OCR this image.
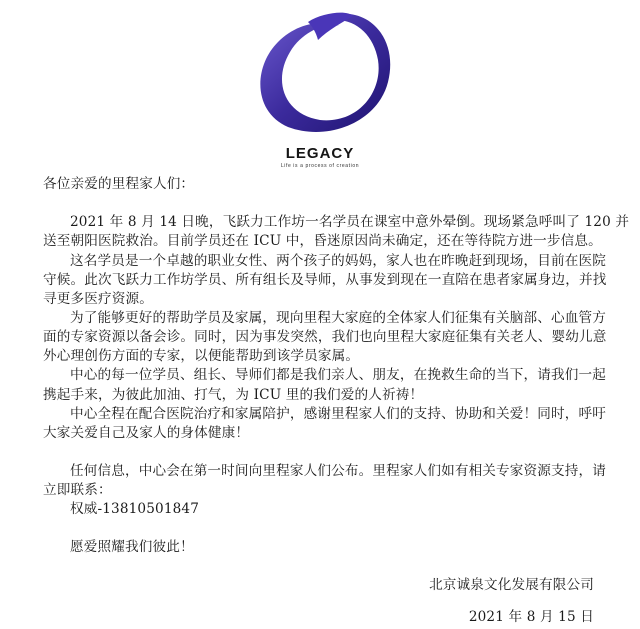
LEGACY
Life is a process of creation
各位亲爱的里程家人们：
2021 年 8 月 14 日晚，飞跃力工作坊一名学员在课室中意外晕倒。现场紧急呼叫了 120 并
送至朝阳医院救治。目前学员还在 ICU 中，昏迷原因尚未确定，还在等待院方进一步信息。
这名学员是一个卓越的职业女性、两个孩子的妈妈，家人也在昨晚赶到现场，目前在医院
守候。此次飞跃力工作坊学员、所有组长及导师，从事发到现在一直陪在患者家属身边，并找
寻更多医疗资源。
为了能够更好的帮助学员及家属，现向里程大家庭的全体家人们征集有关脑部、心血管方
面的专家资源以备会诊。同时，因为事发突然，我们也向里程大家庭征集有关老人、婴幼儿意
外心理创伤方面的专家，以便能帮助到该学员家属。
中心的每一位学员、组长、导师们都是我们亲人、朋友，在挽救生命的当下，请我们一起
携起手来，为彼此加油、打气，为 ICU 里的我们爱的人祈祷！
中心全程在配合医院治疗和家属陪护，感谢里程家人们的支持、协助和关爱！同时，呼吁
大家关爱自己及家人的身体健康！
任何信息，中心会在第一时间向里程家人们公布。里程家人们如有相关专家资源支持，请
立即联系：
权威-13810501847
愿爱照耀我们彼此！
北京诚泉文化发展有限公司
2021 年 8 月 15 日
